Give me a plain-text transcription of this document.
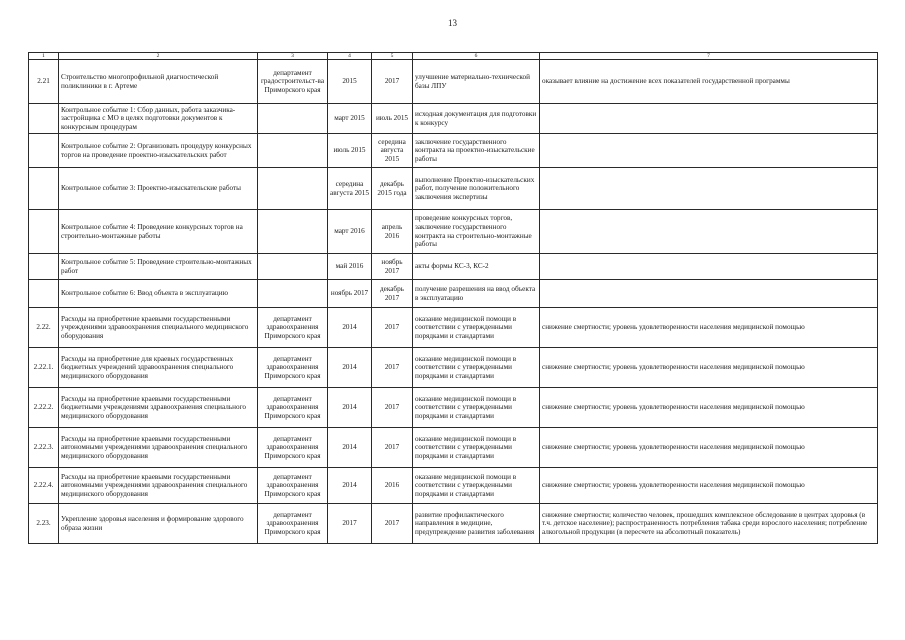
13
1	2	3	4	5	6	7
2.21	Строительство многопрофильной диагностической поликлиники в г. Артеме	департамент градостроительст-ва Приморского края	2015	2017	улучшение материально-технической базы ЛПУ	оказывает влияние на достижение всех показателей государственной программы
	Контрольное событие 1: Сбор данных, работа заказчика-застройщика с МО в целях подготовки документов к конкурсным процедурам		март 2015	июль 2015	исходная документация для подготовки к конкурсу	
	Контрольное событие 2: Организовать процедуру конкурсных торгов на проведение проектно-изыскательских работ		июль 2015	середина августа 2015	заключение государственного контракта на проектно-изыскательские работы	
	Контрольное событие 3: Проектно-изыскательские работы		середина августа 2015	декабрь 2015 года	выполнение Проектно-изыскательских работ, получение положительного заключения экспертизы	
	Контрольное событие 4: Проведение конкурсных торгов на строительно-монтажные работы		март 2016	апрель 2016	проведение конкурсных торгов, заключение государственного контракта на строительно-монтажные работы	
	Контрольное событие 5: Проведение строительно-монтажных работ		май 2016	ноябрь 2017	акты формы КС-3, КС-2	
	Контрольное событие 6: Ввод объекта в эксплуатацию		ноябрь 2017	декабрь 2017	получение разрешения на ввод объекта в эксплуатацию	
2.22.	Расходы на приобретение краевыми государственными учреждениями здравоохранения специального медицинского оборудования	департамент здравоохранения Приморского края	2014	2017	оказание медицинской помощи в соответствии с утвержденными порядками и стандартами	снижение смертности; уровень удовлетворенности населения медицинской помощью
2.22.1.	Расходы на приобретение для краевых государственных бюджетных учреждений здравоохранения специального медицинского оборудования	департамент здравоохранения Приморского края	2014	2017	оказание медицинской помощи в соответствии с утвержденными порядками и стандартами	снижение смертности; уровень удовлетворенности населения медицинской помощью
2.22.2.	Расходы на приобретение краевыми государственными бюджетными учреждениями здравоохранения специального медицинского оборудования	департамент здравоохранения Приморского края	2014	2017	оказание медицинской помощи в соответствии с утвержденными порядками и стандартами	снижение смертности; уровень удовлетворенности населения медицинской помощью
2.22.3.	Расходы на приобретение краевыми государственными автономными учреждениями здравоохранения специального медицинского оборудования	департамент здравоохранения Приморского края	2014	2017	оказание медицинской помощи в соответствии с утвержденными порядками и стандартами	снижение смертности; уровень удовлетворенности населения медицинской помощью
2.22.4.	Расходы на приобретение краевыми государственными автономными учреждениями здравоохранения специального медицинского оборудования	департамент здравоохранения Приморского края	2014	2016	оказание медицинской помощи в соответствии с утвержденными порядками и стандартами	снижение смертности; уровень удовлетворенности населения медицинской помощью
2.23.	Укрепление здоровья населения и формирование здорового образа жизни	департамент здравоохранения Приморского края	2017	2017	развитие профилактического направления в медицине, предупреждение развития заболевания	снижение смертности; количество человек, прошедших комплексное обследование в центрах здоровья (в т.ч. детское население); распространенность потребления табака среди взрослого населения; потребление алкогольной продукции (в пересчете на абсолютный показатель)
